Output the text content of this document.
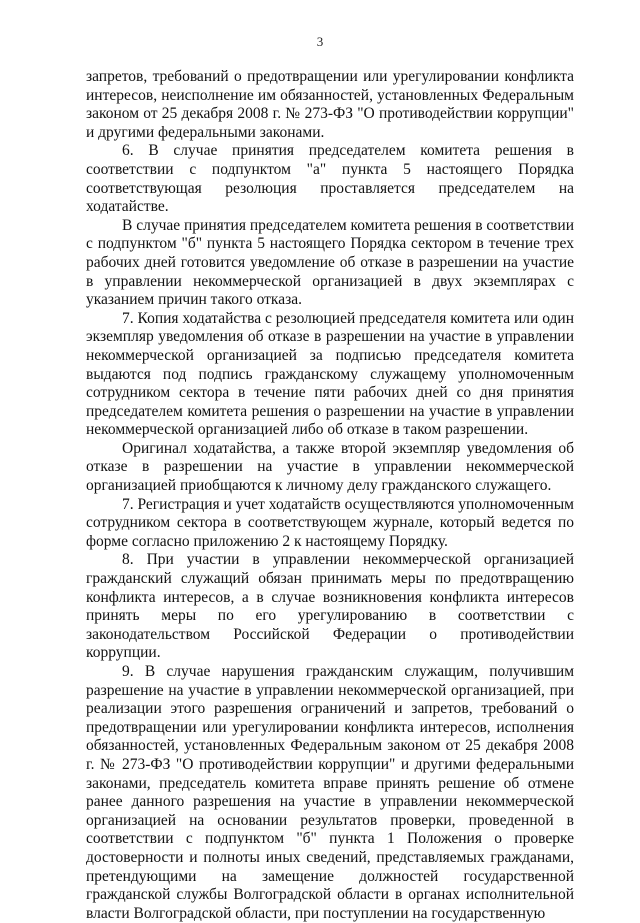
3

запретов, требований о предотвращении или урегулировании конфликта интересов, неисполнение им обязанностей, установленных Федеральным законом от 25 декабря 2008 г. № 273-ФЗ "О противодействии коррупции" и другими федеральными законами.

6. В случае принятия председателем комитета решения в соответствии с подпунктом "а" пункта 5 настоящего Порядка соответствующая резолюция проставляется председателем на ходатайстве.

В случае принятия председателем комитета решения в соответствии с подпунктом "б" пункта 5 настоящего Порядка сектором в течение трех рабочих дней готовится уведомление об отказе в разрешении на участие в управлении некоммерческой организацией в двух экземплярах с указанием причин такого отказа.

7. Копия ходатайства с резолюцией председателя комитета или один экземпляр уведомления об отказе в разрешении на участие в управлении некоммерческой организацией за подписью председателя комитета выдаются под подпись гражданскому служащему уполномоченным сотрудником сектора в течение пяти рабочих дней со дня принятия председателем комитета решения о разрешении на участие в управлении некоммерческой организацией либо об отказе в таком разрешении.

Оригинал ходатайства, а также второй экземпляр уведомления об отказе в разрешении на участие в управлении некоммерческой организацией приобщаются к личному делу гражданского служащего.

7. Регистрация и учет ходатайств осуществляются уполномоченным сотрудником сектора в соответствующем журнале, который ведется по форме согласно приложению 2 к настоящему Порядку.

8. При участии в управлении некоммерческой организацией гражданский служащий обязан принимать меры по предотвращению конфликта интересов, а в случае возникновения конфликта интересов принять меры по его урегулированию в соответствии с законодательством Российской Федерации о противодействии коррупции.

9. В случае нарушения гражданским служащим, получившим разрешение на участие в управлении некоммерческой организацией, при реализации этого разрешения ограничений и запретов, требований о предотвращении или урегулировании конфликта интересов, исполнения обязанностей, установленных Федеральным законом от 25 декабря 2008 г. № 273-ФЗ "О противодействии коррупции" и другими федеральными законами, председатель комитета вправе принять решение об отмене ранее данного разрешения на участие в управлении некоммерческой организацией на основании результатов проверки, проведенной в соответствии с подпунктом "б" пункта 1 Положения о проверке достоверности и полноты иных сведений, представляемых гражданами, претендующими на замещение должностей государственной гражданской службы Волгоградской области в органах исполнительной власти Волгоградской области, при поступлении на государственную
